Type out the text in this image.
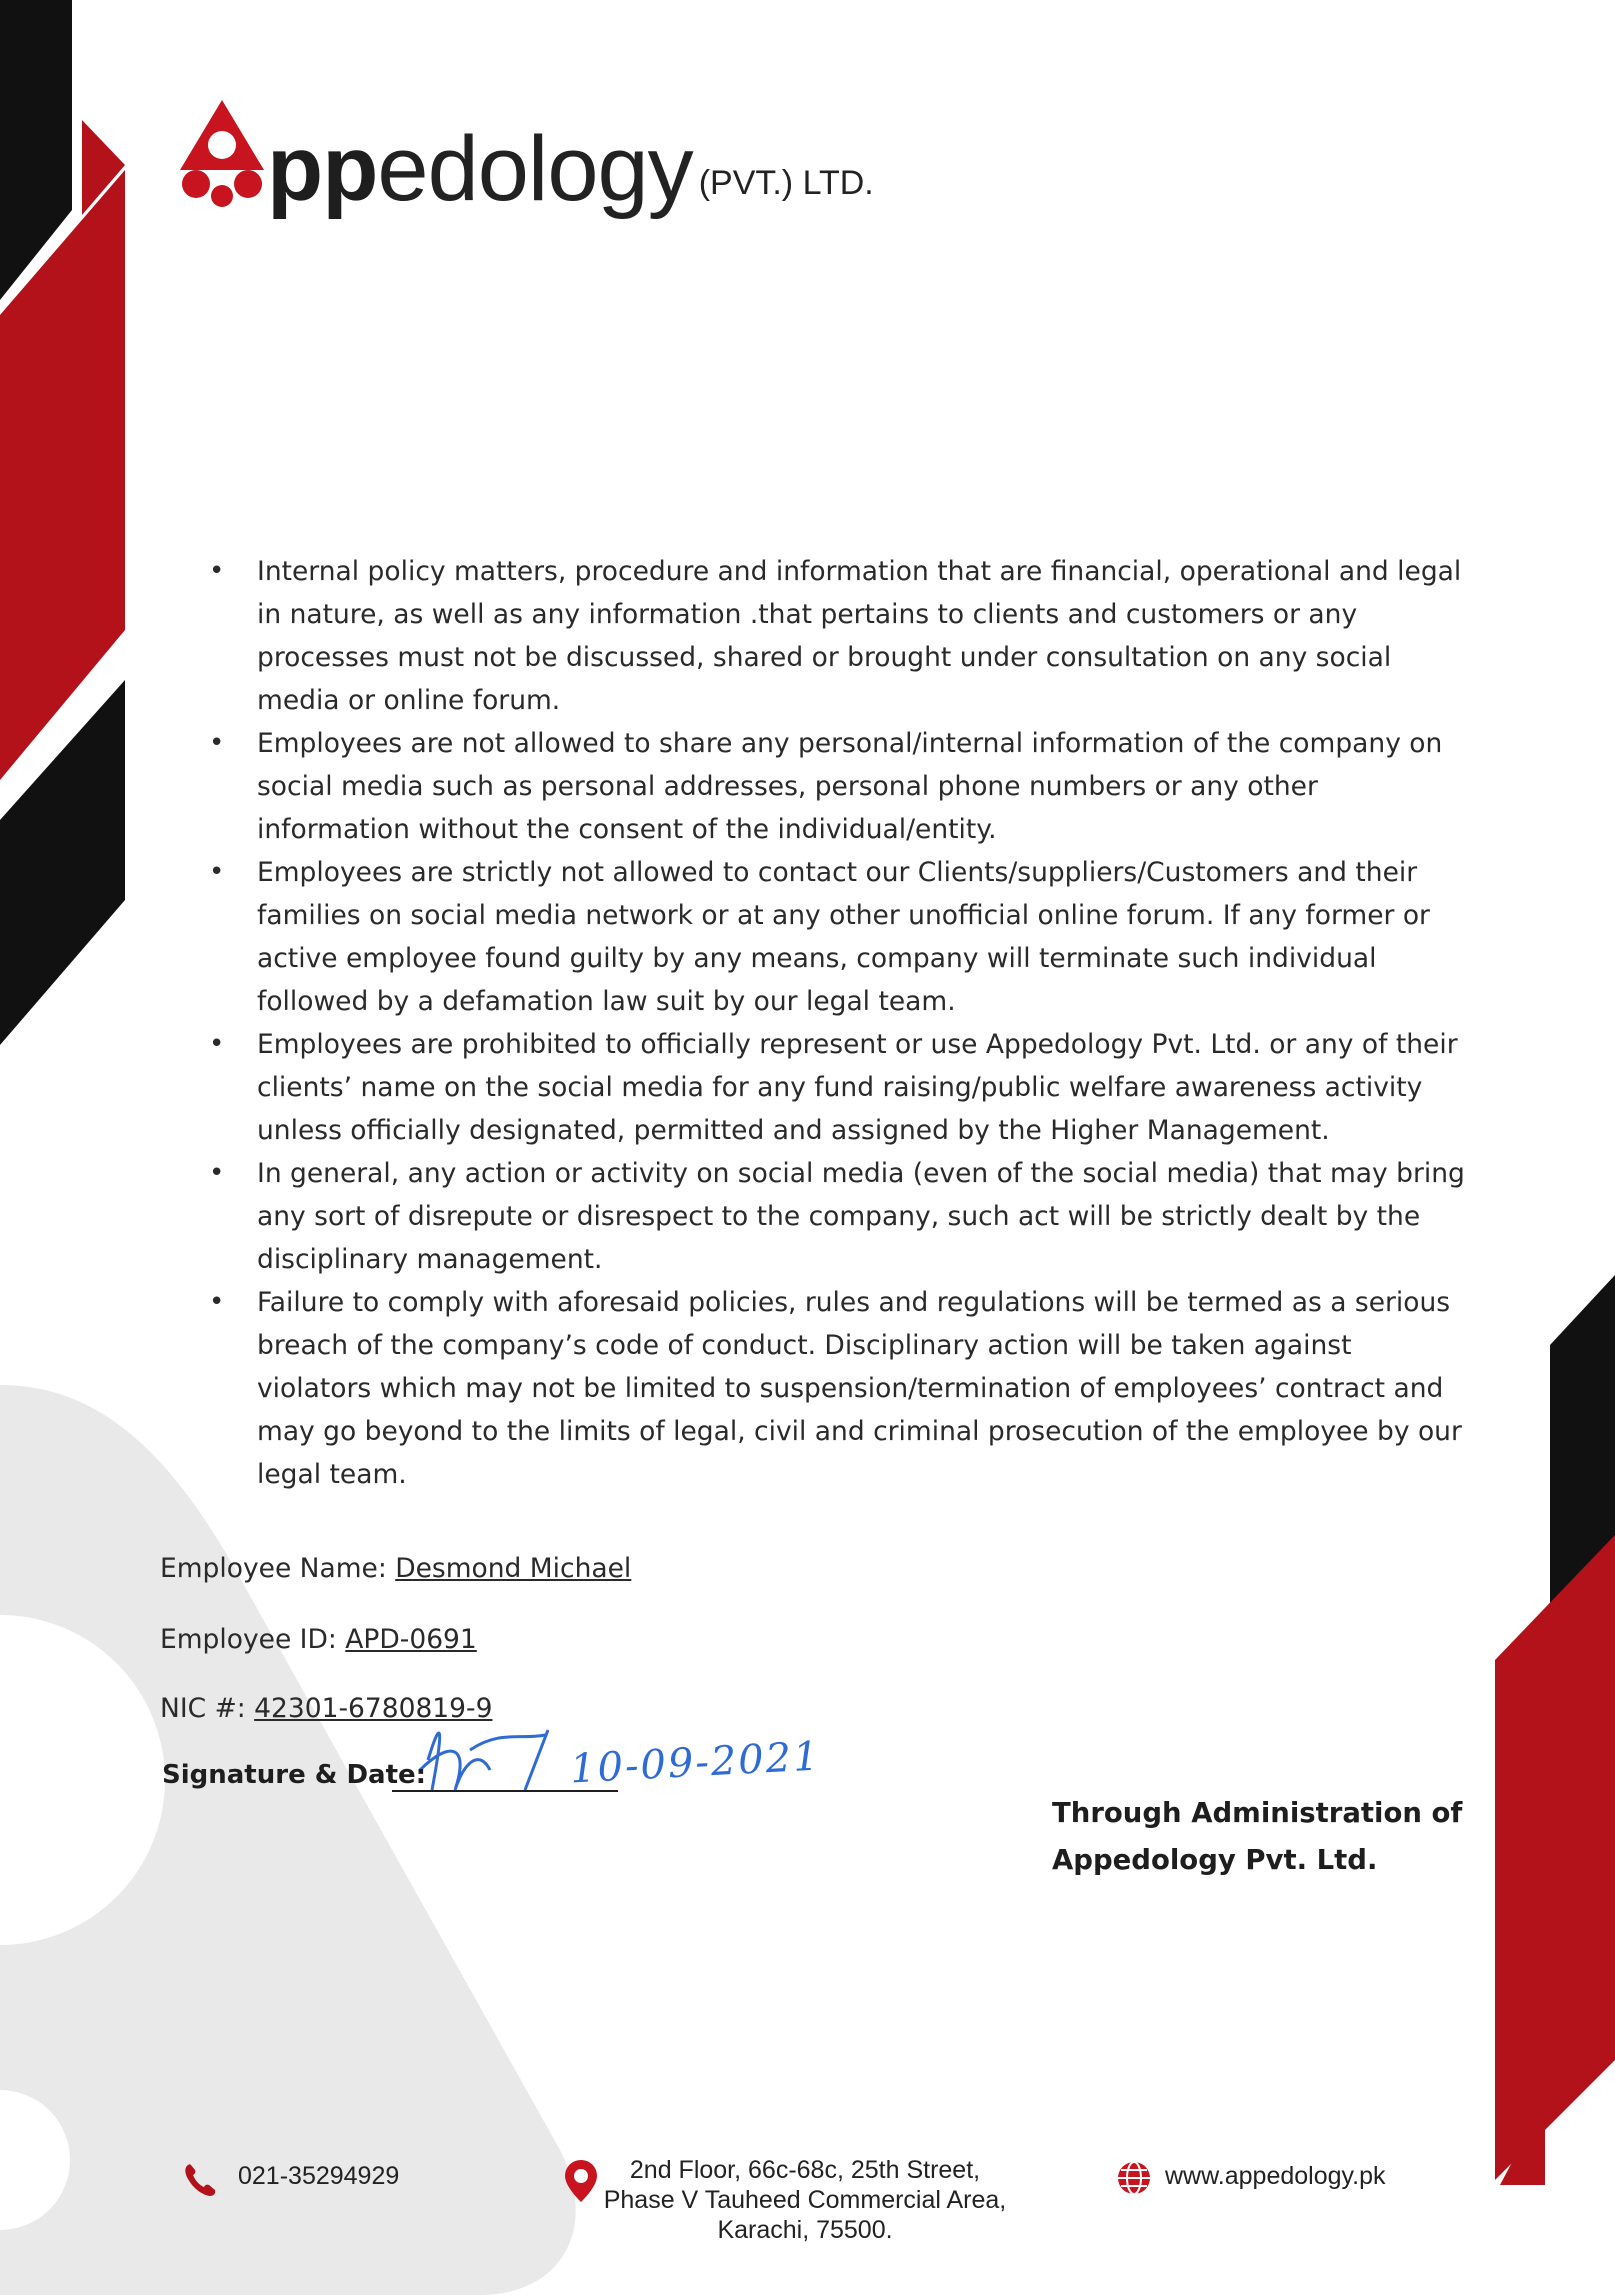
ppedology (PVT.) LTD.
• Internal policy matters, procedure and information that are financial, operational and legal in nature, as well as any information .that pertains to clients and customers or any processes must not be discussed, shared or brought under consultation on any social media or online forum.
• Employees are not allowed to share any personal/internal information of the company on social media such as personal addresses, personal phone numbers or any other information without the consent of the individual/entity.
• Employees are strictly not allowed to contact our Clients/suppliers/Customers and their families on social media network or at any other unofficial online forum. If any former or active employee found guilty by any means, company will terminate such individual followed by a defamation law suit by our legal team.
• Employees are prohibited to officially represent or use Appedology Pvt. Ltd. or any of their clients’ name on the social media for any fund raising/public welfare awareness activity unless officially designated, permitted and assigned by the Higher Management.
• In general, any action or activity on social media (even of the social media) that may bring any sort of disrepute or disrespect to the company, such act will be strictly dealt by the disciplinary management.
• Failure to comply with aforesaid policies, rules and regulations will be termed as a serious breach of the company’s code of conduct. Disciplinary action will be taken against violators which may not be limited to suspension/termination of employees’ contract and may go beyond to the limits of legal, civil and criminal prosecution of the employee by our legal team.
Employee Name: Desmond Michael
Employee ID: APD-0691
NIC #: 42301-6780819-9
Signature & Date:	10-09-2021
Through Administration of
Appedology Pvt. Ltd.
021-35294929	2nd Floor, 66c-68c, 25th Street,
Phase V Tauheed Commercial Area,
Karachi, 75500.
www.appedology.pk
